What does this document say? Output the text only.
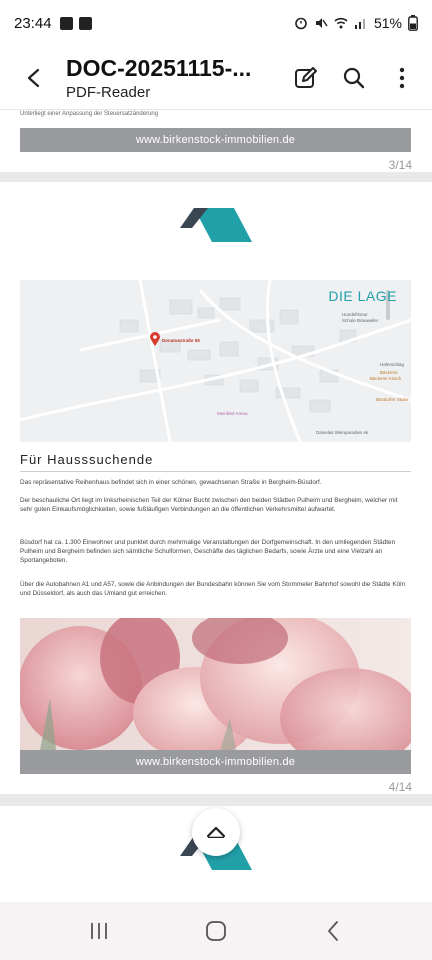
23:44	51%
DOC-20251115-...
PDF-Reader
Unterliegt einer Anpassung der Steuersatzänderung
www.birkenstock-immobilien.de
3/14
DIE LAGE
Donatusstraße 58
Hundefriseur
Schule Brauweiler
Bäckerei Kirsch
Bäckerei
Büsdorfer Stube
Meinfeld-Arena
Danielas Weinparadies ek
Haferschlag
Für Hausssuchende
Das repräsentative Reihenhaus befindet sich in einer schönen, gewachsenen Straße in Bergheim-Büsdorf.
Der beschauliche Ort liegt im linksrheinischen Teil der Kölner Bucht zwischen den beiden Städten Pulheim und Bergheim, welcher mit sehr guten Einkaufsmöglichkeiten, sowie fußläufigen Verbindungen an die öffentlichen Verkehrsmittel aufwartet.
Büsdorf hat ca. 1.300 Einwohner und punktet durch mehrmalige Veranstaltungen der Dorfgemeinschaft. In den umliegenden Städten Pulheim und Bergheim befinden sich sämtliche Schulformen, Geschäfte des täglichen Bedarfs, sowie Ärzte und eine Vielzahl an Sportangeboten.
Über die Autobahnen A1 und A57, sowie die Anbindungen der Bundesbahn können Sie vom Stommeler Bahnhof sowohl die Städte Köln und Düsseldorf, als auch das Umland gut erreichen.
www.birkenstock-immobilien.de
4/14
